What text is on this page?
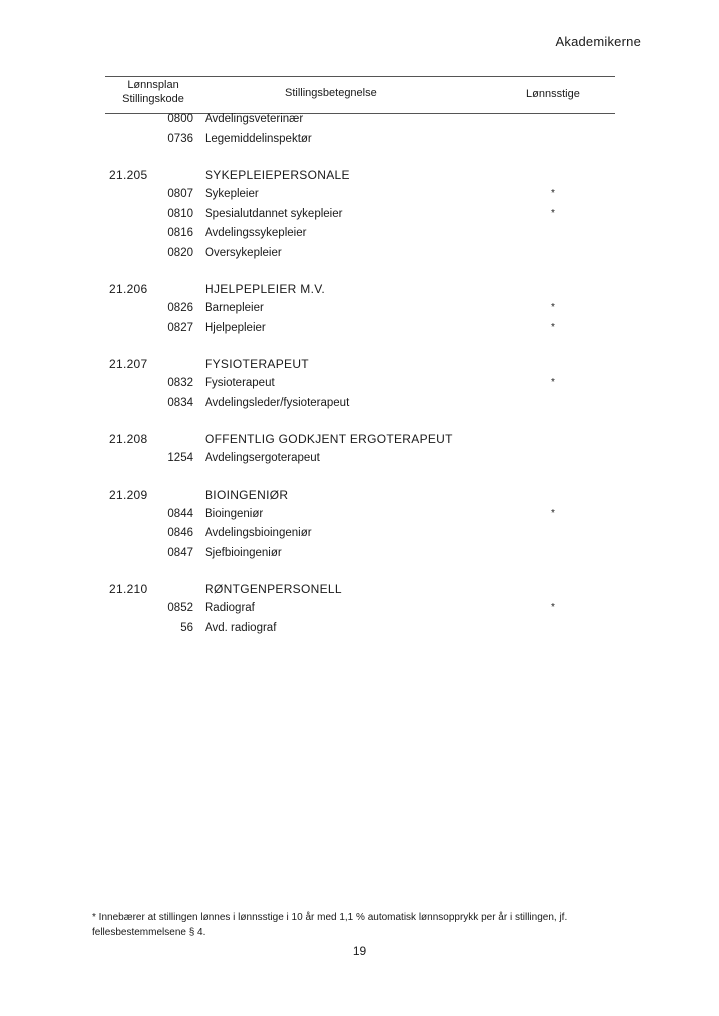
Akademikerne
Lønnsplan
Stillingskode	Stillingsbetegnelse	Lønnsstige
0800 Avdelingsveterinær
0736 Legemiddelinspektør
21.205	SYKEPLEIEPERSONALE
0807 Sykepleier	*
0810 Spesialutdannet sykepleier	*
0816 Avdelingssykepleier
0820 Oversykepleier
21.206	HJELPEPLEIER M.V.
0826 Barnepleier	*
0827 Hjelpepleier	*
21.207	FYSIOTERAPEUT
0832 Fysioterapeut	*
0834 Avdelingsleder/fysioterapeut
21.208	OFFENTLIG GODKJENT ERGOTERAPEUT
1254 Avdelingsergoterapeut
21.209	BIOINGENIØR
0844 Bioingeniør	*
0846 Avdelingsbioingeniør
0847 Sjefbioingeniør
21.210	RØNTGENPERSONELL
0852 Radiograf	*
56 Avd. radiograf
* Innebærer at stillingen lønnes i lønnsstige i 10 år med 1,1 % automatisk lønnsopprykk per år i stillingen, jf. fellesbestemmelsene § 4.
19
